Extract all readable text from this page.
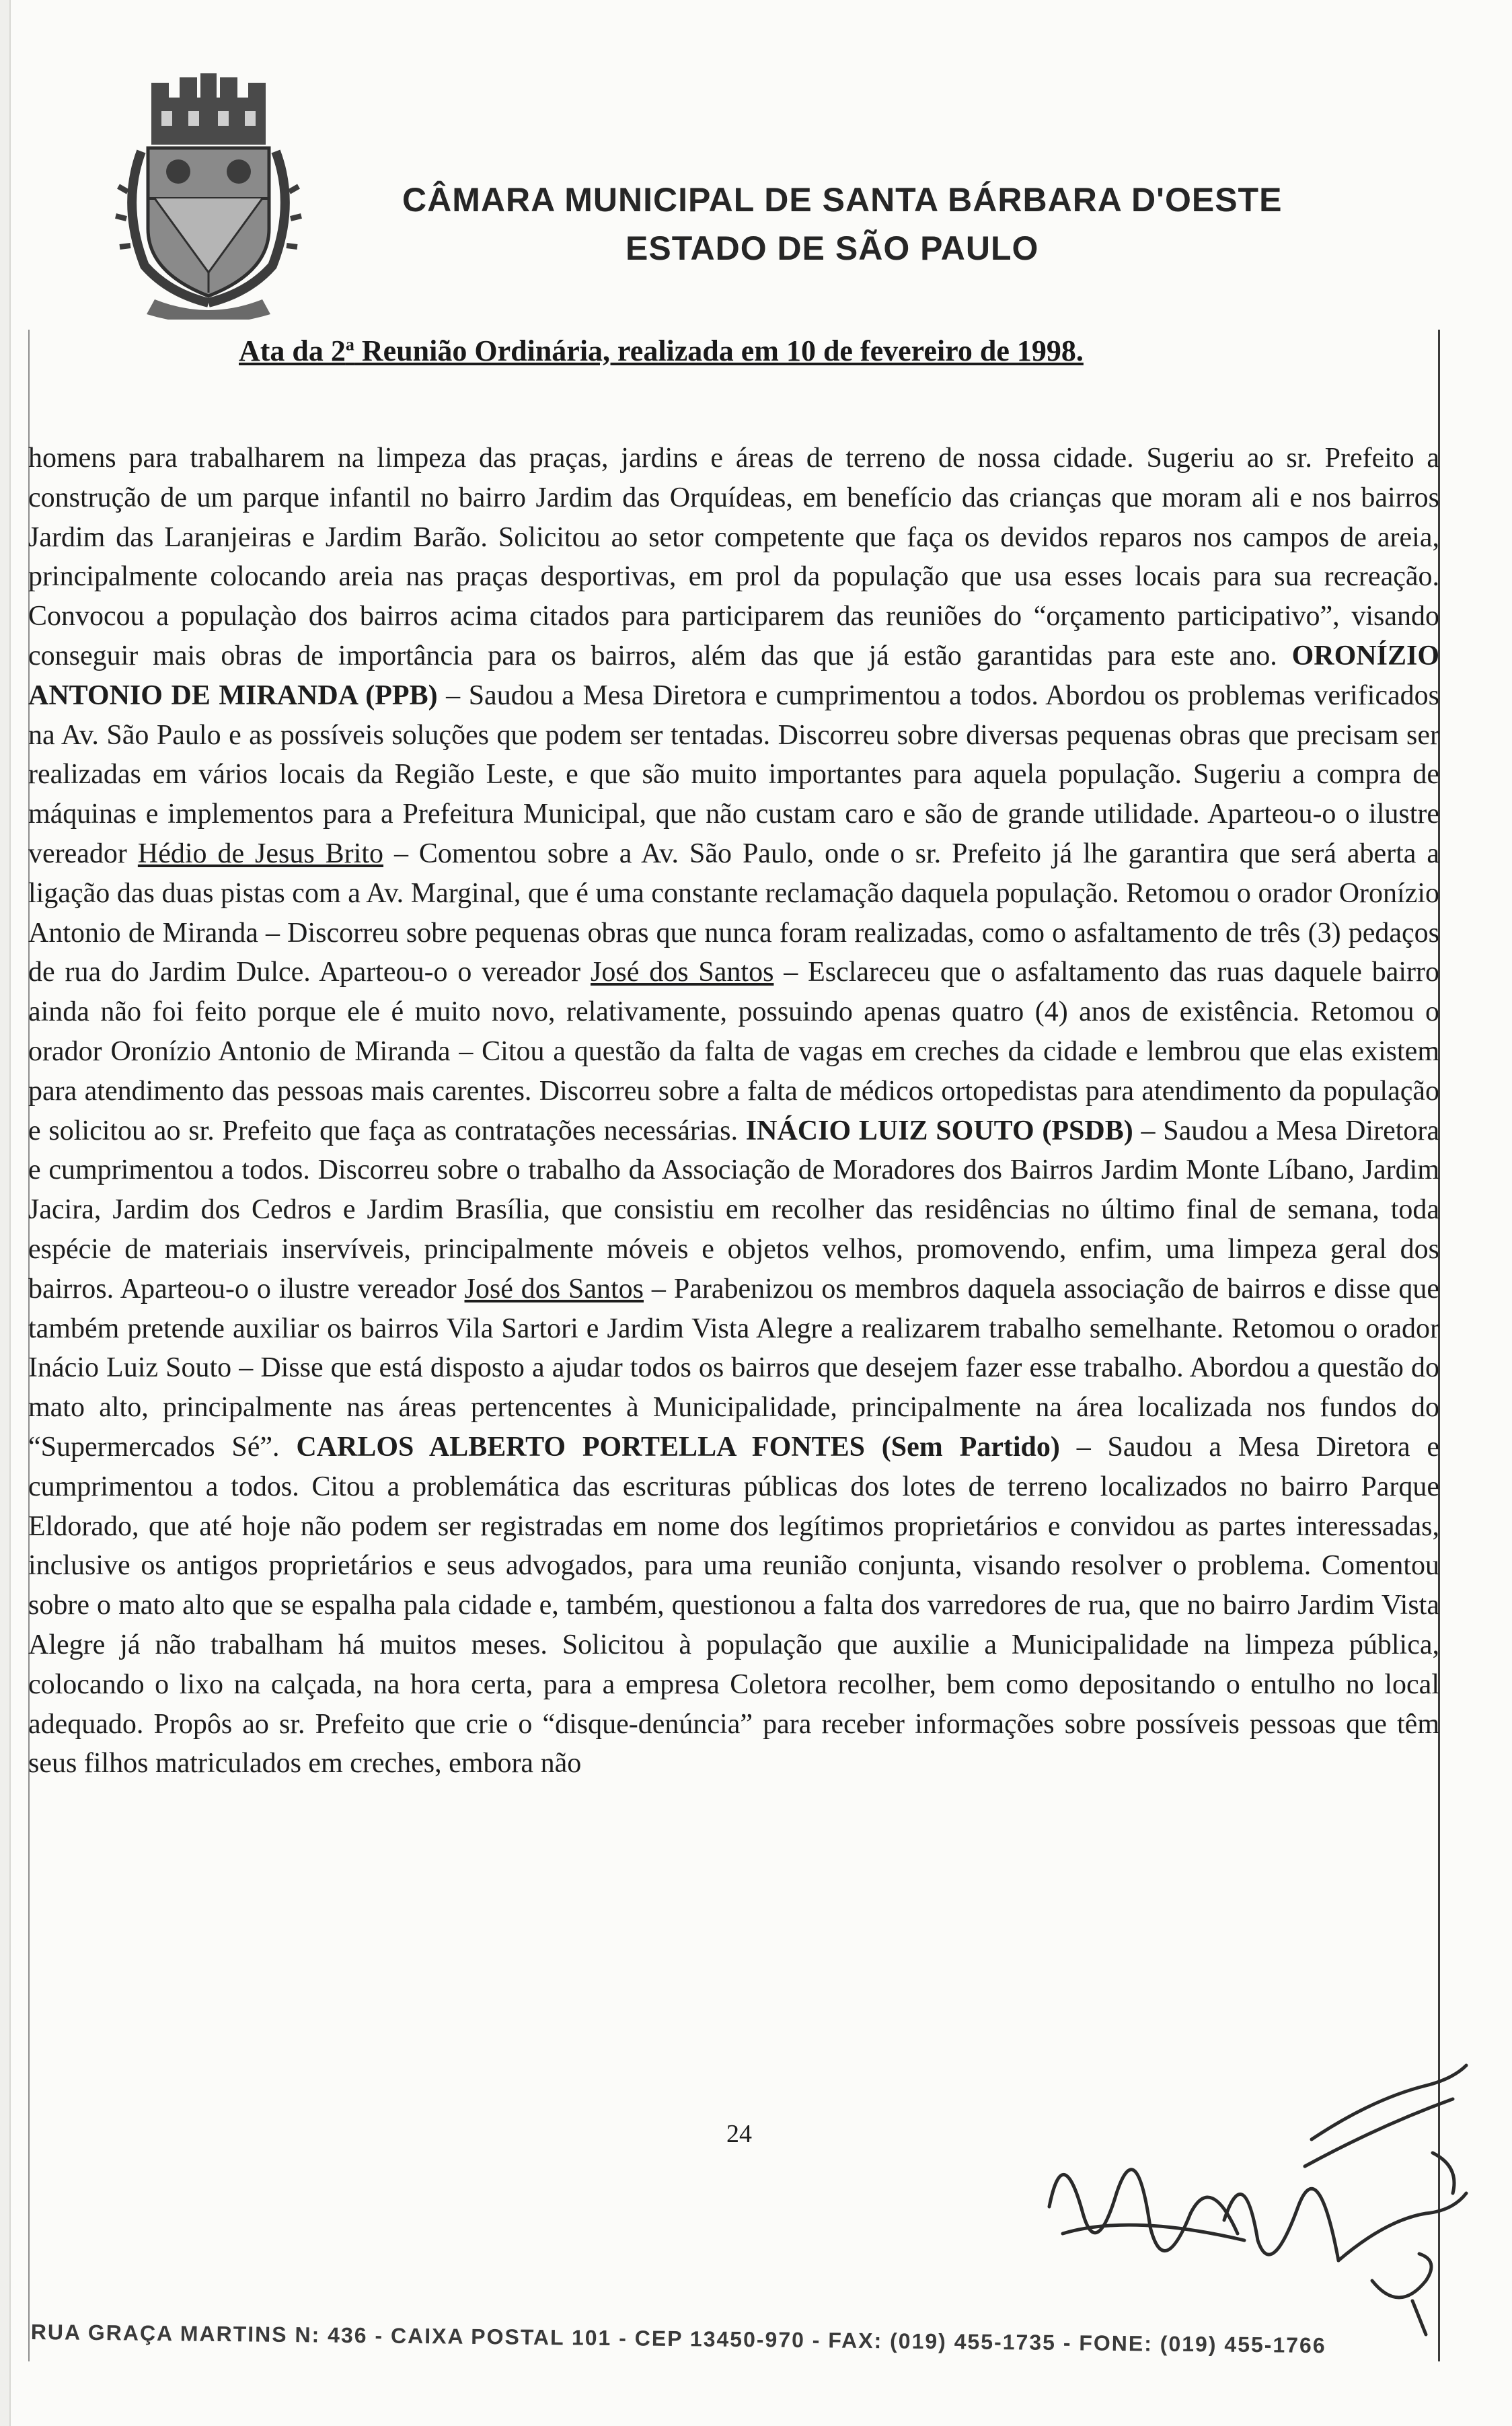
CÂMARA MUNICIPAL DE SANTA BÁRBARA D'OESTE
ESTADO DE SÃO PAULO
Ata da 2$^a$ Reunião Ordinária, realizada em 10 de fevereiro de 1998.

homens para trabalharem na limpeza das praças, jardins e áreas de terreno de nossa cidade. Sugeriu ao sr. Prefeito a construção de um parque infantil no bairro Jardim das Orquídeas, em benefício das crianças que moram ali e nos bairros Jardim das Laranjeiras e Jardim Barão. Solicitou ao setor competente que faça os devidos reparos nos campos de areia, principalmente colocando areia nas praças desportivas, em prol da população que usa esses locais para sua recreação. Convocou a populaçào dos bairros acima citados para participarem das reuniões do “orçamento participativo”, visando conseguir mais obras de importância para os bairros, além das que já estão garantidas para este ano. ORONÍZIO ANTONIO DE MIRANDA (PPB) – Saudou a Mesa Diretora e cumprimentou a todos. Abordou os problemas verificados na Av. São Paulo e as possíveis soluções que podem ser tentadas. Discorreu sobre diversas pequenas obras que precisam ser realizadas em vários locais da Região Leste, e que são muito importantes para aquela população. Sugeriu a compra de máquinas e implementos para a Prefeitura Municipal, que não custam caro e são de grande utilidade. Aparteou-o o ilustre vereador Hédio de Jesus Brito – Comentou sobre a Av. São Paulo, onde o sr. Prefeito já lhe garantira que será aberta a ligação das duas pistas com a Av. Marginal, que é uma constante reclamação daquela população. Retomou o orador Oronízio Antonio de Miranda – Discorreu sobre pequenas obras que nunca foram realizadas, como o asfaltamento de três (3) pedaços de rua do Jardim Dulce. Aparteou-o o vereador José dos Santos – Esclareceu que o asfaltamento das ruas daquele bairro ainda não foi feito porque ele é muito novo, relativamente, possuindo apenas quatro (4) anos de existência. Retomou o orador Oronízio Antonio de Miranda – Citou a questão da falta de vagas em creches da cidade e lembrou que elas existem para atendimento das pessoas mais carentes. Discorreu sobre a falta de médicos ortopedistas para atendimento da população e solicitou ao sr. Prefeito que faça as contratações necessárias. INÁCIO LUIZ SOUTO (PSDB) – Saudou a Mesa Diretora e cumprimentou a todos. Discorreu sobre o trabalho da Associação de Moradores dos Bairros Jardim Monte Líbano, Jardim Jacira, Jardim dos Cedros e Jardim Brasília, que consistiu em recolher das residências no último final de semana, toda espécie de materiais inservíveis, principalmente móveis e objetos velhos, promovendo, enfim, uma limpeza geral dos bairros. Aparteou-o o ilustre vereador José dos Santos – Parabenizou os membros daquela associação de bairros e disse que também pretende auxiliar os bairros Vila Sartori e Jardim Vista Alegre a realizarem trabalho semelhante. Retomou o orador Inácio Luiz Souto – Disse que está disposto a ajudar todos os bairros que desejem fazer esse trabalho. Abordou a questão do mato alto, principalmente nas áreas pertencentes à Municipalidade, principalmente na área localizada nos fundos do “Supermercados Sé”. CARLOS ALBERTO PORTELLA FONTES (Sem Partido) – Saudou a Mesa Diretora e cumprimentou a todos. Citou a problemática das escrituras públicas dos lotes de terreno localizados no bairro Parque Eldorado, que até hoje não podem ser registradas em nome dos legítimos proprietários e convidou as partes interessadas, inclusive os antigos proprietários e seus advogados, para uma reunião conjunta, visando resolver o problema. Comentou sobre o mato alto que se espalha pala cidade e, também, questionou a falta dos varredores de rua, que no bairro Jardim Vista Alegre já não trabalham há muitos meses. Solicitou à população que auxilie a Municipalidade na limpeza pública, colocando o lixo na calçada, na hora certa, para a empresa Coletora recolher, bem como depositando o entulho no local adequado. Propôs ao sr. Prefeito que crie o “disque-denúncia” para receber informações sobre possíveis pessoas que têm seus filhos matriculados em creches, embora não

24
RUA GRAÇA MARTINS N: 436 - CAIXA POSTAL 101 - CEP 13450-970 - FAX: (019) 455-1735 - FONE: (019) 455-1766
